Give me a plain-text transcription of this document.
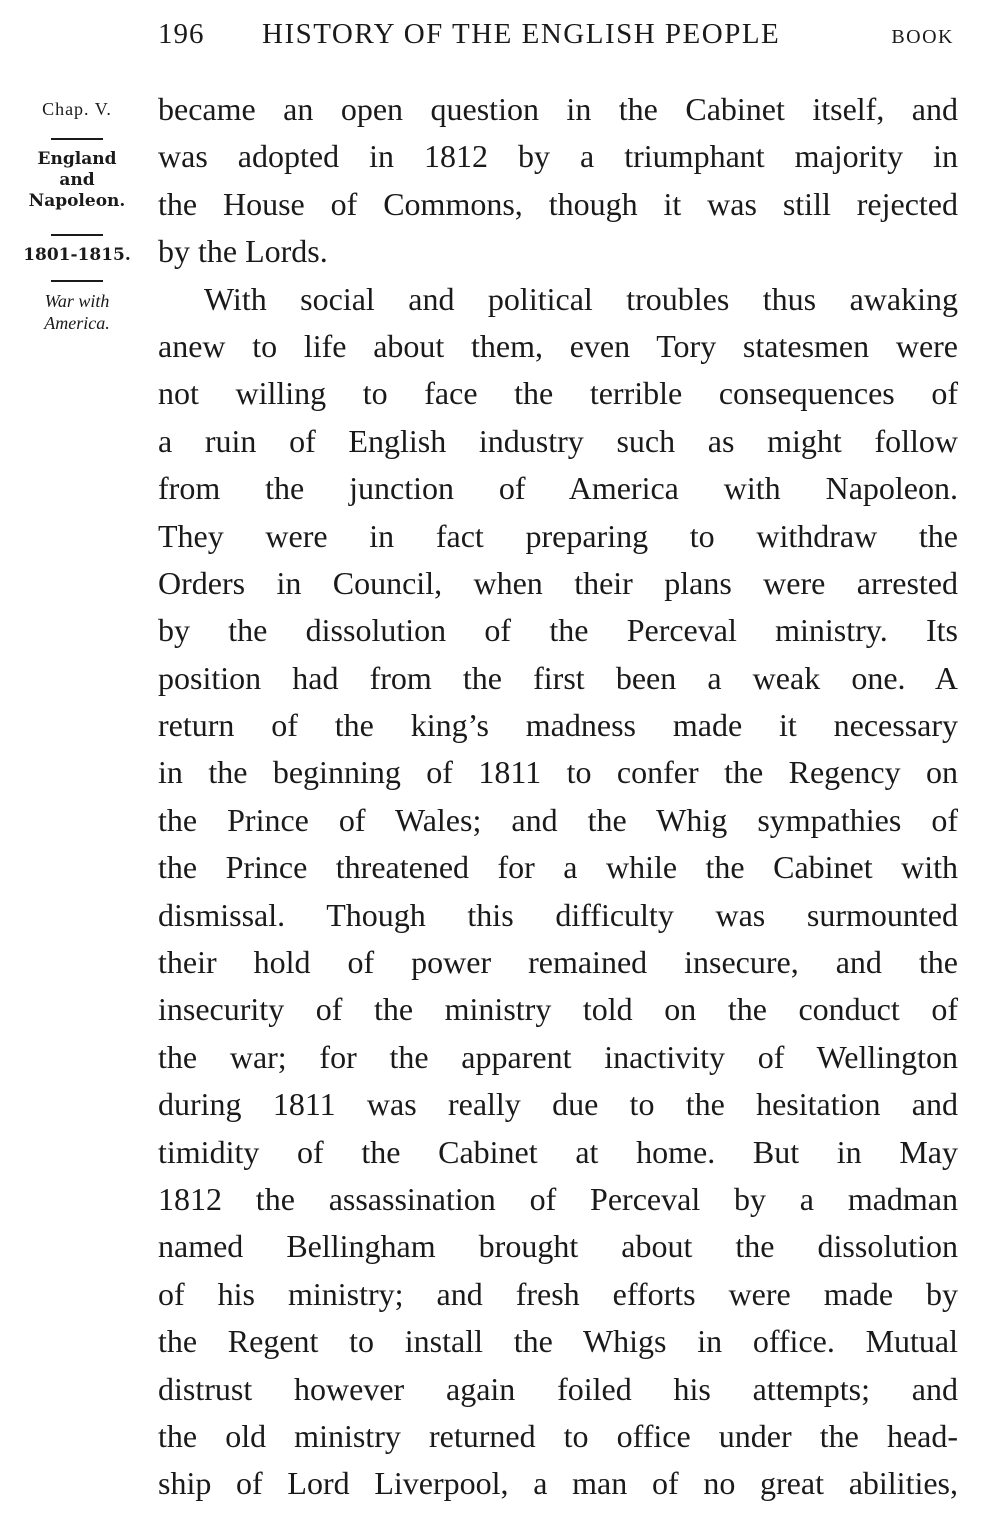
196 HISTORY OF THE ENGLISH PEOPLE	BOOK
Chap. V.
England
and
Napoleon.
1801-1815.
War with
America.
became an open question in the Cabinet itself, and
was adopted in 1812 by a triumphant majority in
the House of Commons, though it was still rejected
by the Lords.
With social and political troubles thus awaking
anew to life about them, even Tory statesmen were
not willing to face the terrible consequences of
a ruin of English industry such as might follow
from the junction of America with Napoleon.
They were in fact preparing to withdraw the
Orders in Council, when their plans were arrested
by the dissolution of the Perceval ministry. Its
position had from the first been a weak one. A
return of the king’s madness made it necessary
in the beginning of 1811 to confer the Regency on
the Prince of Wales; and the Whig sympathies of
the Prince threatened for a while the Cabinet with
dismissal. Though this difficulty was surmounted
their hold of power remained insecure, and the
insecurity of the ministry told on the conduct of
the war; for the apparent inactivity of Wellington
during 1811 was really due to the hesitation and
timidity of the Cabinet at home. But in May
1812 the assassination of Perceval by a madman
named Bellingham brought about the dissolution
of his ministry; and fresh efforts were made by
the Regent to install the Whigs in office. Mutual
distrust however again foiled his attempts; and
the old ministry returned to office under the head-
ship of Lord Liverpool, a man of no great abilities,
